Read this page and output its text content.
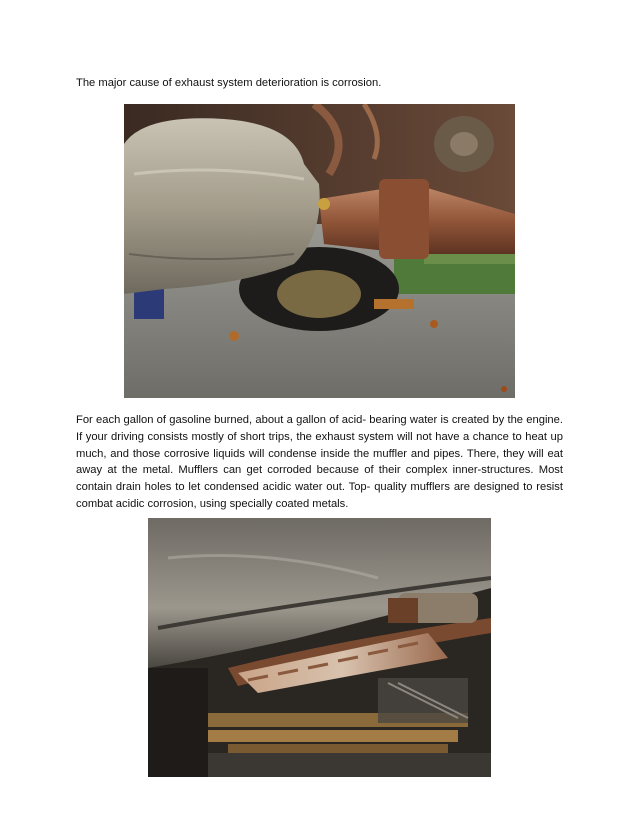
The major cause of exhaust system deterioration is corrosion.

For each gallon of gasoline burned, about a gallon of acid- bearing water is created by the engine. If your driving consists mostly of short trips, the exhaust system will not have a chance to heat up much, and those corrosive liquids will condense inside the muffler and pipes. There, they will eat away at the metal. Mufflers can get corroded because of their complex inner-structures. Most contain drain holes to let condensed acidic water out. Top- quality mufflers are designed to resist combat acidic corrosion, using specially coated metals.
